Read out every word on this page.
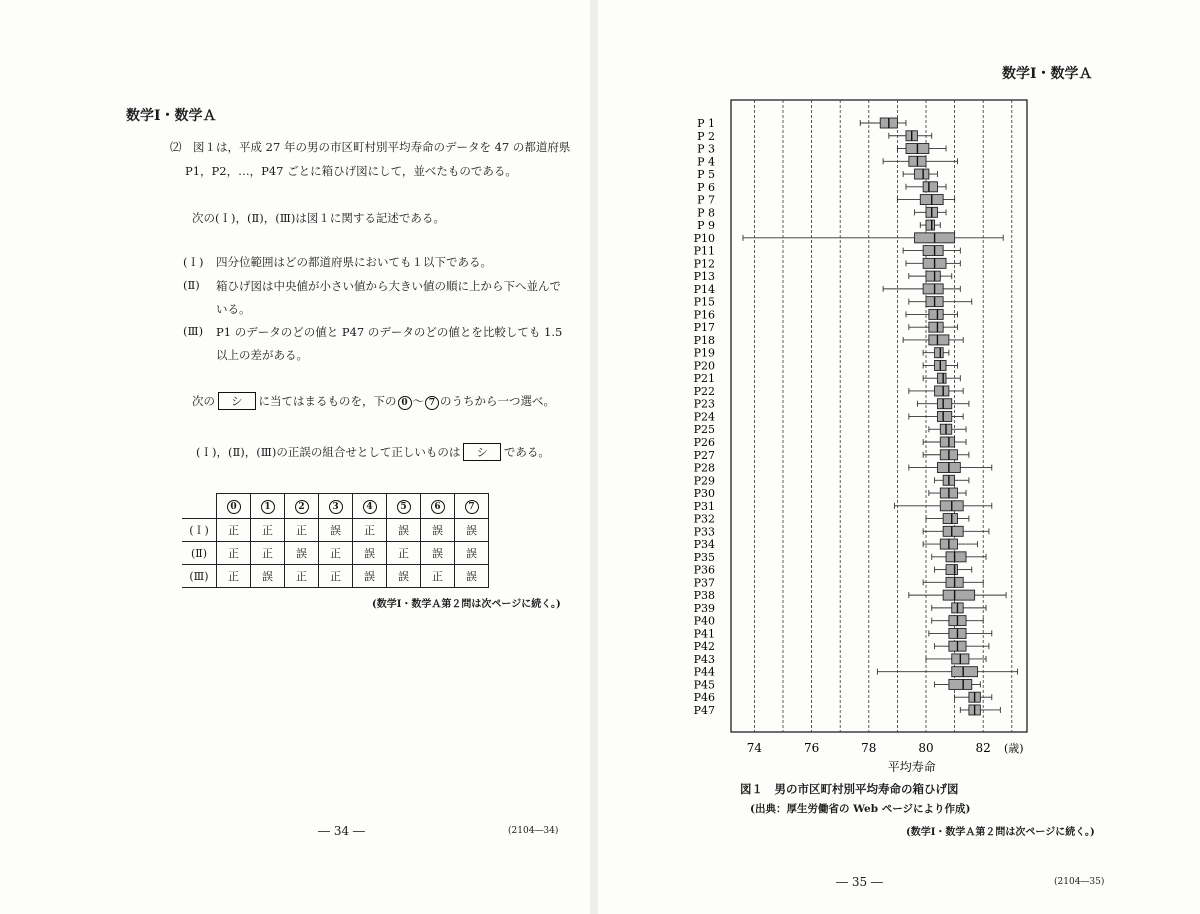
数学Ⅰ・数学Ａ
⑵　図１は，平成 27 年の男の市区町村別平均寿命のデータを 47 の都道府県
P1，P2，…，P47 ごとに箱ひげ図にして，並べたものである。
次の(Ｉ)，(Ⅱ)，(Ⅲ)は図１に関する記述である。
(Ｉ) 四分位範囲はどの都道府県においても１以下である。
(Ⅱ) 箱ひげ図は中央値が小さい値から大きい値の順に上から下へ並んで
いる。
(Ⅲ) P1 のデータのどの値と P47 のデータのどの値とを比較しても 1.5
以上の差がある。
次の シ に当てはまるものを，下の 0 ～ 7 のうちから一つ選べ。
(Ｉ)，(Ⅱ)，(Ⅲ)の正誤の組合せとして正しいものは シ である。
	0	1	2	3	4	5	6	7
(Ｉ)	正	正	正	誤	正	誤	誤	誤
(Ⅱ)	正	正	誤	正	誤	正	誤	誤
(Ⅲ)	正	誤	正	正	誤	誤	正	誤
(数学Ⅰ・数学Ａ第２問は次ページに続く。)
― 34 ―	(2104―34)
数学Ⅰ・数学Ａ
74	76	78	80	82 (歳)
平均寿命
P 1
P 2
P 3
P 4
P 5
P 6
P 7
P 8
P 9
P10
P11
P12
P13
P14
P15
P16
P17
P18
P19
P20
P21
P22
P23
P24
P25
P26
P27
P28
P29
P30
P31
P32
P33
P34
P35
P36
P37
P38
P39
P40
P41
P42
P43
P44
P45
P46
P47
図１　男の市区町村別平均寿命の箱ひげ図
(出典：厚生労働省の Web ページにより作成)
(数学Ⅰ・数学Ａ第２問は次ページに続く。)
― 35 ―	(2104―35)
